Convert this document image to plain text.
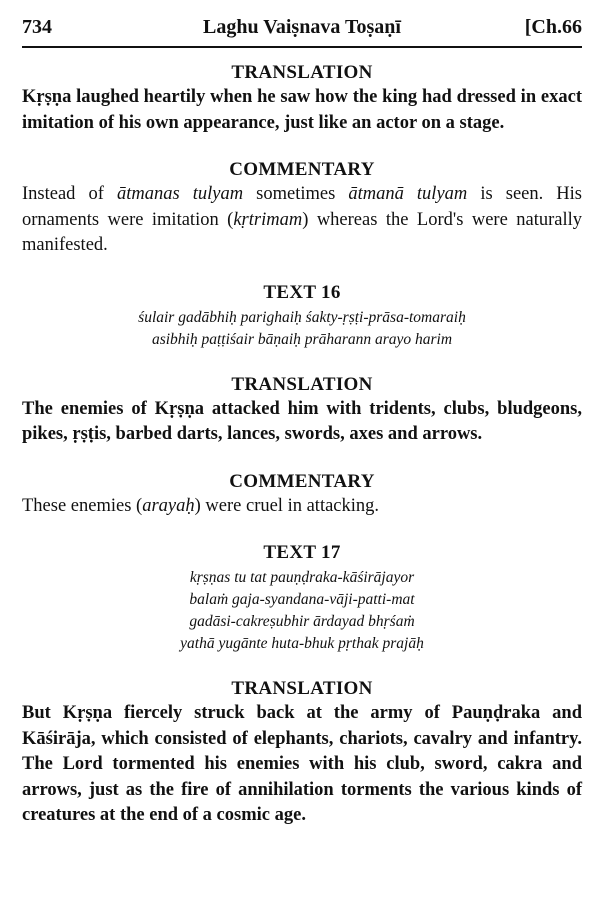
734	Laghu Vaiṣnava Toṣaṇī	[Ch.66
TRANSLATION

Kṛṣṇa laughed heartily when he saw how the king had dressed in exact imitation of his own appearance, just like an actor on a stage.

COMMENTARY

Instead of ātmanas tulyam sometimes ātmanā tulyam is seen. His ornaments were imitation (kṛtrimam) whereas the Lord's were naturally manifested.

TEXT 16
śulair gadābhiḥ parighaiḥ śakty-ṛṣṭi-prāsa-tomaraiḥ
asibhiḥ paṭṭiśair bāṇaiḥ prāharann arayo harim
TRANSLATION

The enemies of Kṛṣṇa attacked him with tridents, clubs, bludgeons, pikes, ṛṣṭis, barbed darts, lances, swords, axes and arrows.

COMMENTARY

These enemies (arayaḥ) were cruel in attacking.

TEXT 17
kṛṣṇas tu tat pauṇḍraka-kāśirājayor
balaṁ gaja-syandana-vāji-patti-mat
gadāsi-cakreṣubhir ārdayad bhṛśaṁ
yathā yugānte huta-bhuk pṛthak prajāḥ
TRANSLATION

But Kṛṣṇa fiercely struck back at the army of Pauṇḍraka and Kāśirāja, which consisted of elephants, chariots, cavalry and infantry. The Lord tormented his enemies with his club, sword, cakra and arrows, just as the fire of annihilation torments the various kinds of creatures at the end of a cosmic age.
